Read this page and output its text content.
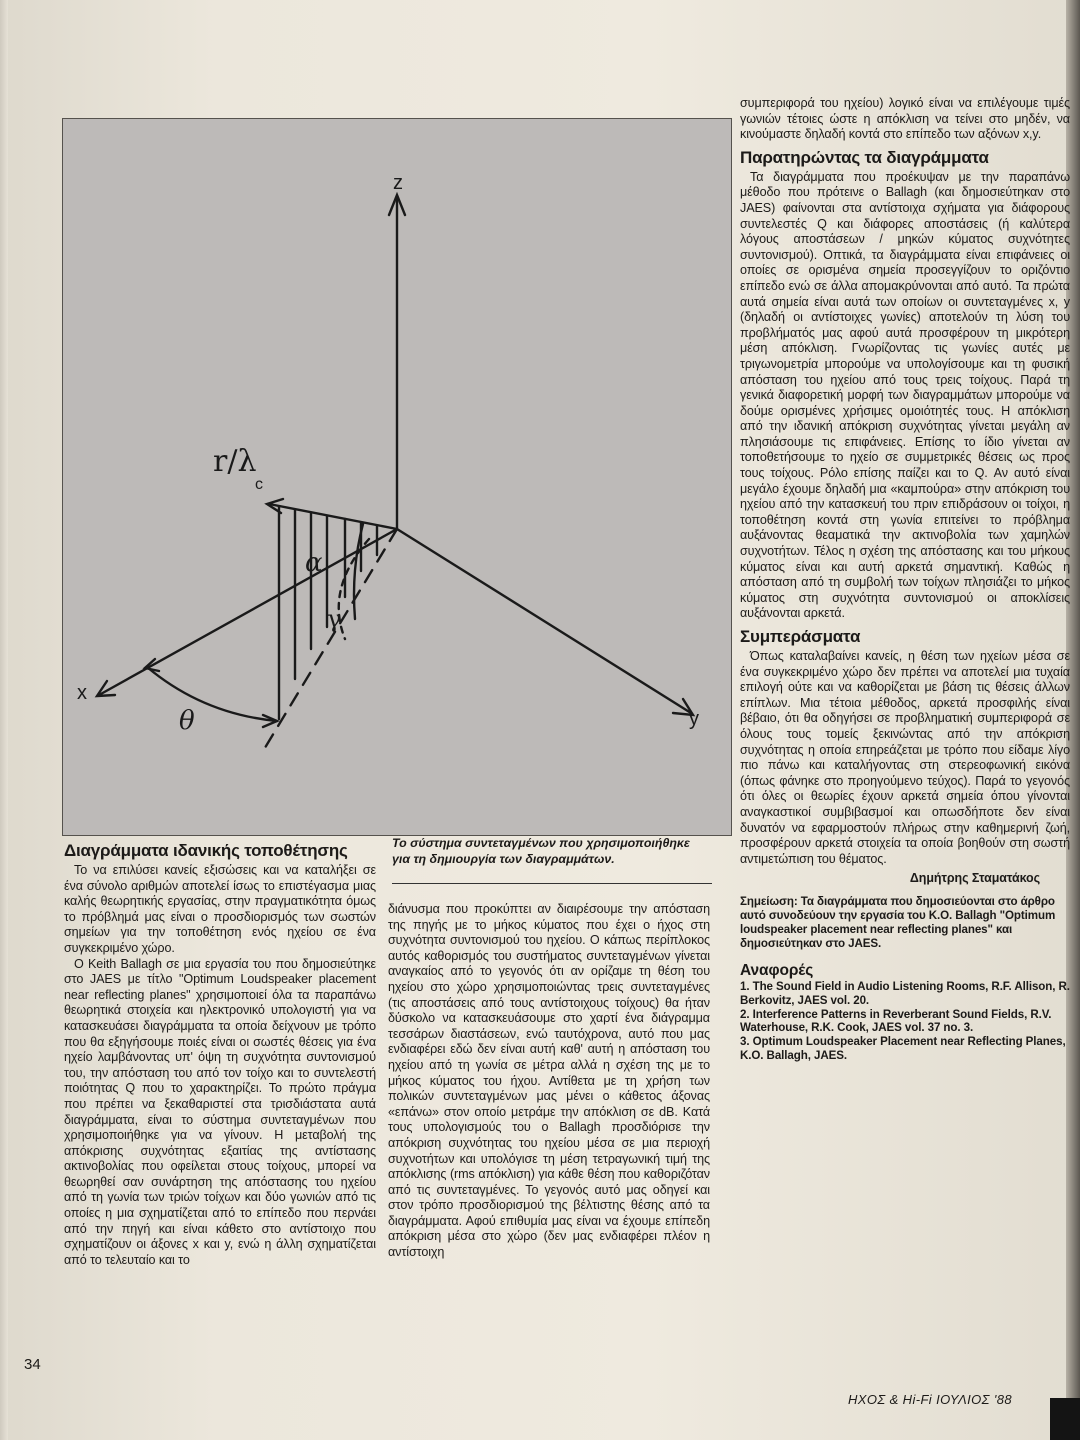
z
x
y
r/λ
c
α
γ
θ

συμπεριφορά του ηχείου) λογικό είναι να επιλέγουμε τιμές γωνιών τέτοιες ώστε η απόκλιση να τείνει στο μηδέν, να κινούμαστε δηλαδή κοντά στο επίπεδο των αξόνων x,y.

Παρατηρώντας τα διαγράμματα

Τα διαγράμματα που προέκυψαν με την παραπάνω μέθοδο που πρότεινε ο Ballagh (και δημοσιεύτηκαν στο JAES) φαίνονται στα αντίστοιχα σχήματα για διάφορους συντελεστές Q και διάφορες αποστάσεις (ή καλύτερα λόγους αποστάσεων / μηκών κύματος συχνότητες συντονισμού). Οπτικά, τα διαγράμματα είναι επιφάνειες οι οποίες σε ορισμένα σημεία προσεγγίζουν το οριζόντιο επίπεδο ενώ σε άλλα απομακρύνονται από αυτό. Τα πρώτα αυτά σημεία είναι αυτά των οποίων οι συντεταγμένες x, y (δηλαδή οι αντίστοιχες γωνίες) αποτελούν τη λύση του προβλήματός μας αφού αυτά προσφέρουν τη μικρότερη μέση απόκλιση. Γνωρίζοντας τις γωνίες αυτές με τριγωνομετρία μπορούμε να υπολογίσουμε και τη φυσική απόσταση του ηχείου από τους τρεις τοίχους. Παρά τη γενικά διαφορετική μορφή των διαγραμμάτων μπορούμε να δούμε ορισμένες χρήσιμες ομοιότητές τους. Η απόκλιση από την ιδανική απόκριση συχνότητας γίνεται μεγάλη αν πλησιάσουμε τις επιφάνειες. Επίσης το ίδιο γίνεται αν τοποθετήσουμε το ηχείο σε συμμετρικές θέσεις ως προς τους τοίχους. Ρόλο επίσης παίζει και το Q. Αν αυτό είναι μεγάλο έχουμε δηλαδή μια «καμπούρα» στην απόκριση του ηχείου από την κατασκευή του πριν επιδράσουν οι τοίχοι, η τοποθέτηση κοντά στη γωνία επιτείνει το πρόβλημα αυξάνοντας θεαματικά την ακτινοβολία των χαμηλών συχνοτήτων. Τέλος η σχέση της απόστασης και του μήκους κύματος είναι και αυτή αρκετά σημαντική. Καθώς η απόσταση από τη συμβολή των τοίχων πλησιάζει το μήκος κύματος στη συχνότητα συντονισμού οι αποκλίσεις αυξάνονται αρκετά.

Συμπεράσματα

Όπως καταλαβαίνει κανείς, η θέση των ηχείων μέσα σε ένα συγκεκριμένο χώρο δεν πρέπει να αποτελεί μια τυχαία επιλογή ούτε και να καθορίζεται με βάση τις θέσεις άλλων επίπλων. Μια τέτοια μέθοδος, αρκετά προσφιλής είναι βέβαιο, ότι θα οδηγήσει σε προβληματική συμπεριφορά σε όλους τους τομείς ξεκινώντας από την απόκριση συχνότητας η οποία επηρεάζεται με τρόπο που είδαμε λίγο πιο πάνω και καταλήγοντας στη στερεοφωνική εικόνα (όπως φάνηκε στο προηγούμενο τεύχος). Παρά το γεγονός ότι όλες οι θεωρίες έχουν αρκετά σημεία όπου γίνονται αναγκαστικοί συμβιβασμοί και οπωσδήποτε δεν είναι δυνατόν να εφαρμοστούν πλήρως στην καθημερινή ζωή, προσφέρουν αρκετά στοιχεία τα οποία βοηθούν στη σωστή αντιμετώπιση του θέματος.

Δημήτρης Σταματάκος
Σημείωση: Τα διαγράμματα που δημοσιεύονται στο άρθρο αυτό συνοδεύουν την εργασία του K.O. Ballagh "Optimum loudspeaker placement near reflecting planes" και δημοσιεύτηκαν στο JAES.
Αναφορές
1. The Sound Field in Audio Listening Rooms, R.F. Allison, R. Berkovitz, JAES vol. 20.
2. Interference Patterns in Reverberant Sound Fields, R.V. Waterhouse, R.K. Cook, JAES vol. 37 no. 3.
3. Optimum Loudspeaker Placement near Reflecting Planes, K.O. Ballagh, JAES.
Διαγράμματα ιδανικής τοποθέτησης

Το να επιλύσει κανείς εξισώσεις και να καταλήξει σε ένα σύνολο αριθμών αποτελεί ίσως το επιστέγασμα μιας καλής θεωρητικής εργασίας, στην πραγματικότητα όμως το πρόβλημά μας είναι ο προσδιορισμός των σωστών σημείων για την τοποθέτηση ενός ηχείου σε ένα συγκεκριμένο χώρο.

Ο Keith Ballagh σε μια εργασία του που δημοσιεύτηκε στο JAES με τίτλο "Optimum Loudspeaker placement near reflecting planes" χρησιμοποιεί όλα τα παραπάνω θεωρητικά στοιχεία και ηλεκτρονικό υπολογιστή για να κατασκευάσει διαγράμματα τα οποία δείχνουν με τρόπο που θα εξηγήσουμε ποιές είναι οι σωστές θέσεις για ένα ηχείο λαμβάνοντας υπ' όψη τη συχνότητα συντονισμού του, την απόσταση του από τον τοίχο και το συντελεστή ποιότητας Q που το χαρακτηρίζει. Το πρώτο πράγμα που πρέπει να ξεκαθαριστεί στα τρισδιάστατα αυτά διαγράμματα, είναι το σύστημα συντεταγμένων που χρησιμοποιήθηκε για να γίνουν. Η μεταβολή της απόκρισης συχνότητας εξαιτίας της αντίστασης ακτινοβολίας που οφείλεται στους τοίχους, μπορεί να θεωρηθεί σαν συνάρτηση της απόστασης του ηχείου από τη γωνία των τριών τοίχων και δύο γωνιών από τις οποίες η μια σχηματίζεται από το επίπεδο που περνάει από την πηγή και είναι κάθετο στο αντίστοιχο που σχηματίζουν οι άξονες x και y, ενώ η άλλη σχηματίζεται από το τελευταίο και το

Το σύστημα συντεταγμένων που χρησιμοποιήθηκε για τη δημιουργία των διαγραμμάτων.

διάνυσμα που προκύπτει αν διαιρέσουμε την απόσταση της πηγής με το μήκος κύματος που έχει ο ήχος στη συχνότητα συντονισμού του ηχείου. Ο κάπως περίπλοκος αυτός καθορισμός του συστήματος συντεταγμένων γίνεται αναγκαίος από το γεγονός ότι αν ορίζαμε τη θέση του ηχείου στο χώρο χρησιμοποιώντας τρεις συντεταγμένες (τις αποστάσεις από τους αντίστοιχους τοίχους) θα ήταν δύσκολο να κατασκευάσουμε στο χαρτί ένα διάγραμμα τεσσάρων διαστάσεων, ενώ ταυτόχρονα, αυτό που μας ενδιαφέρει εδώ δεν είναι αυτή καθ' αυτή η απόσταση του ηχείου από τη γωνία σε μέτρα αλλά η σχέση της με το μήκος κύματος του ήχου. Αντίθετα με τη χρήση των πολικών συντεταγμένων μας μένει ο κάθετος άξονας «επάνω» στον οποίο μετράμε την απόκλιση σε dB. Κατά τους υπολογισμούς του ο Ballagh προσδιόρισε την απόκριση συχνότητας του ηχείου μέσα σε μια περιοχή συχνοτήτων και υπολόγισε τη μέση τετραγωνική τιμή της απόκλισης (rms απόκλιση) για κάθε θέση που καθοριζόταν από τις συντεταγμένες. Το γεγονός αυτό μας οδηγεί και στον τρόπο προσδιορισμού της βέλτιστης θέσης από τα διαγράμματα. Αφού επιθυμία μας είναι να έχουμε επίπεδη απόκριση μέσα στο χώρο (δεν μας ενδιαφέρει πλέον η αντίστοιχη

34
ΗΧΟΣ & Hi-Fi ΙΟΥΛΙΟΣ '88
